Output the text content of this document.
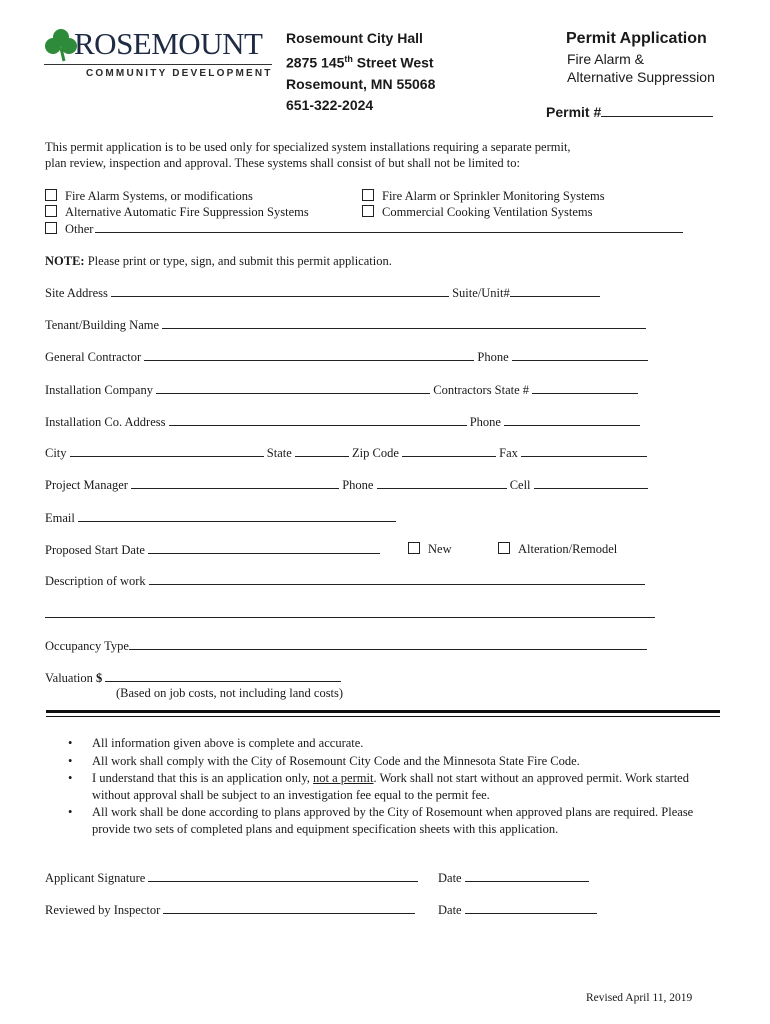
ROSEMOUNT
COMMUNITY DEVELOPMENT
Rosemount City Hall
2875 145th Street West
Rosemount, MN 55068
651-322-2024
Permit Application
Fire Alarm &
Alternative Suppression
Permit #
This permit application is to be used only for specialized system installations requiring a separate permit,
plan review, inspection and approval. These systems shall consist of but shall not be limited to:
Fire Alarm Systems, or modifications
Alternative Automatic Fire Suppression Systems
Other
Fire Alarm or Sprinkler Monitoring Systems
Commercial Cooking Ventilation Systems
NOTE: Please print or type, sign, and submit this permit application.
Site Address	Suite/Unit#
Tenant/Building Name
General Contractor	Phone
Installation Company	Contractors State #
Installation Co. Address	Phone
City	State	Zip Code	Fax
Project Manager	Phone	Cell
Email
Proposed Start Date	New	Alteration/Remodel
Description of work
Occupancy Type
Valuation $
(Based on job costs, not including land costs)
• All information given above is complete and accurate.
• All work shall comply with the City of Rosemount City Code and the Minnesota State Fire Code.
• I understand that this is an application only, not a permit. Work shall not start without an approved permit. Work started without approval shall be subject to an investigation fee equal to the permit fee.
• All work shall be done according to plans approved by the City of Rosemount when approved plans are required. Please provide two sets of completed plans and equipment specification sheets with this application.
Applicant Signature	Date
Reviewed by Inspector	Date
Revised April 11, 2019
